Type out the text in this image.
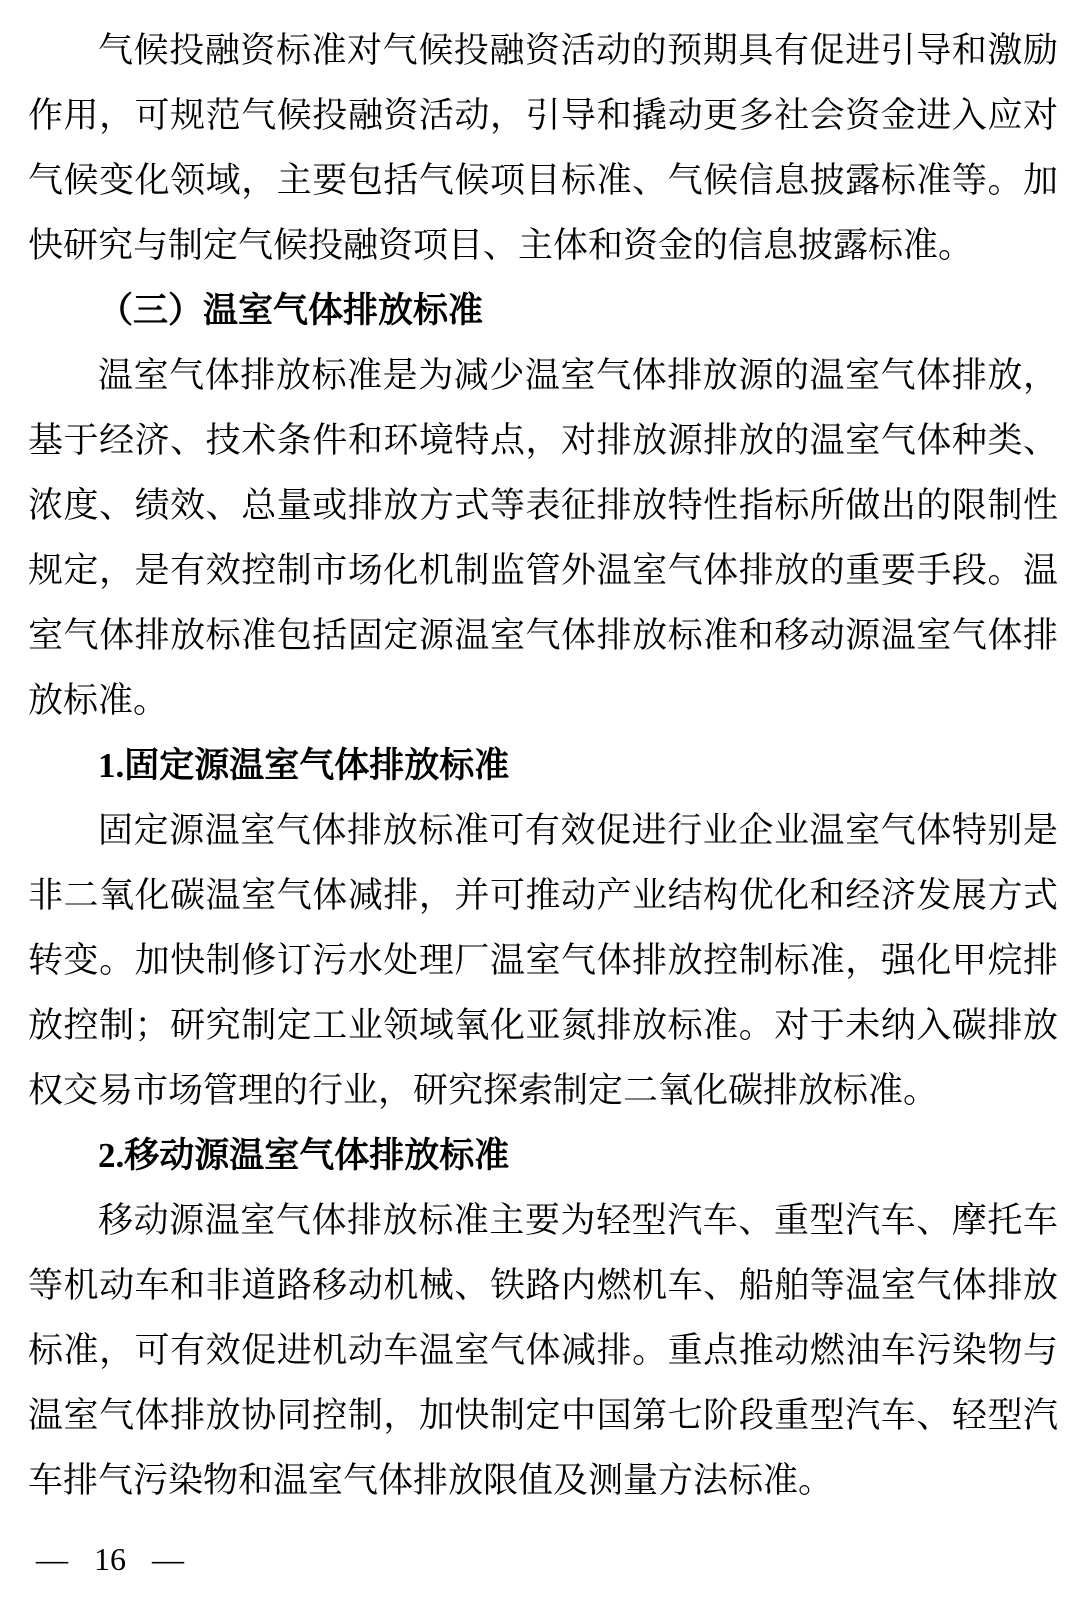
气候投融资标准对气候投融资活动的预期具有促进引导和激励作用，可规范气候投融资活动，引导和撬动更多社会资金进入应对气候变化领域，主要包括气候项目标准、气候信息披露标准等。加快研究与制定气候投融资项目、主体和资金的信息披露标准。

（三）温室气体排放标准

温室气体排放标准是为减少温室气体排放源的温室气体排放，基于经济、技术条件和环境特点，对排放源排放的温室气体种类、浓度、绩效、总量或排放方式等表征排放特性指标所做出的限制性规定，是有效控制市场化机制监管外温室气体排放的重要手段。温室气体排放标准包括固定源温室气体排放标准和移动源温室气体排放标准。

1.固定源温室气体排放标准

固定源温室气体排放标准可有效促进行业企业温室气体特别是非二氧化碳温室气体减排，并可推动产业结构优化和经济发展方式转变。加快制修订污水处理厂温室气体排放控制标准，强化甲烷排放控制；研究制定工业领域氧化亚氮排放标准。对于未纳入碳排放权交易市场管理的行业，研究探索制定二氧化碳排放标准。

2.移动源温室气体排放标准

移动源温室气体排放标准主要为轻型汽车、重型汽车、摩托车等机动车和非道路移动机械、铁路内燃机车、船舶等温室气体排放标准，可有效促进机动车温室气体减排。重点推动燃油车污染物与温室气体排放协同控制，加快制定中国第七阶段重型汽车、轻型汽车排气污染物和温室气体排放限值及测量方法标准。

— 16 —
